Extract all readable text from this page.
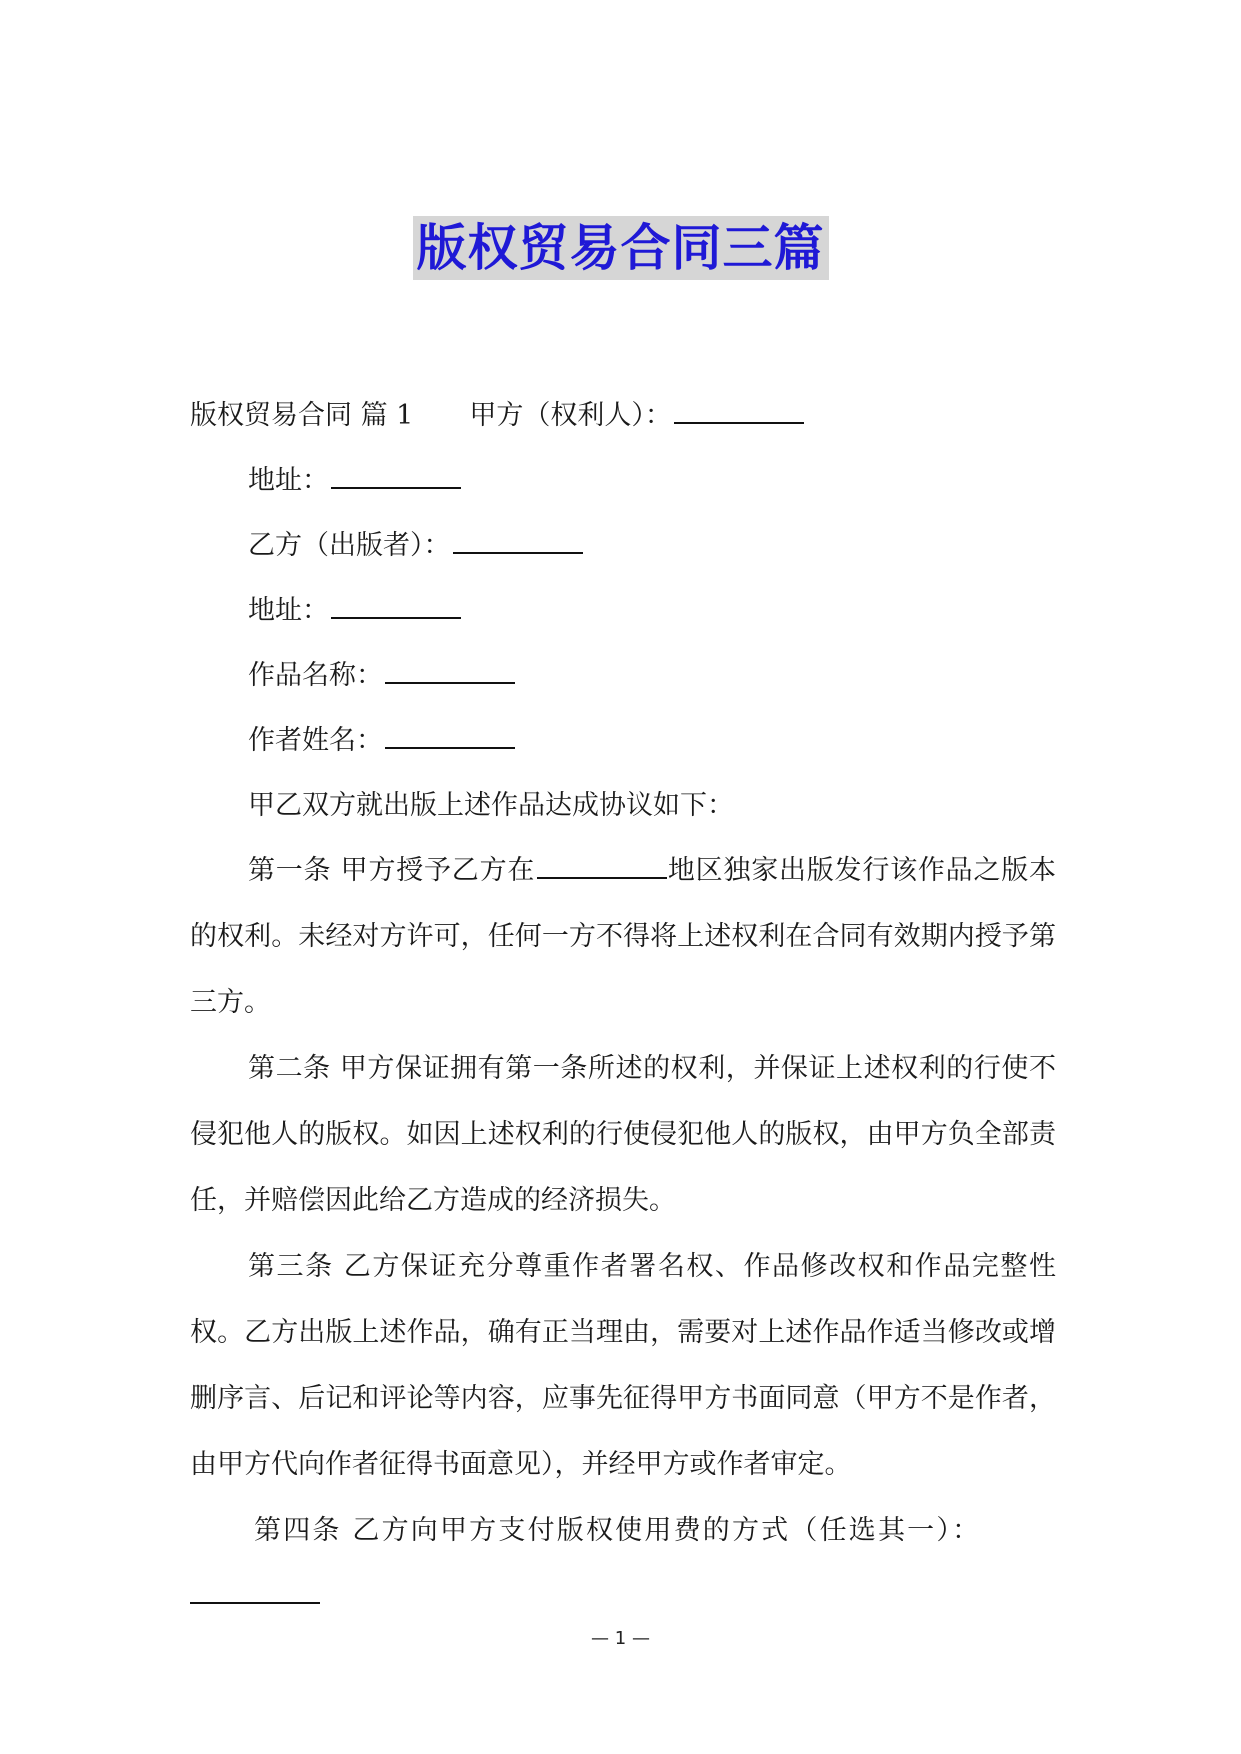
版权贸易合同三篇
版权贸易合同 篇 1 甲方（权利人）：
地址：
乙方（出版者）：
地址：
作品名称：
作者姓名：
甲乙双方就出版上述作品达成协议如下：
第一条 甲方授予乙方在	地区独家出版发行该作品之版本的权利。未经对方许可，任何一方不得将上述权利在合同有效期内授予第三方。
第二条 甲方保证拥有第一条所述的权利，并保证上述权利的行使不侵犯他人的版权。如因上述权利的行使侵犯他人的版权，由甲方负全部责任，并赔偿因此给乙方造成的经济损失。
第三条 乙方保证充分尊重作者署名权、作品修改权和作品完整性权。乙方出版上述作品，确有正当理由，需要对上述作品作适当修改或增删序言、后记和评论等内容，应事先征得甲方书面同意（甲方不是作者，由甲方代向作者征得书面意见），并经甲方或作者审定。
第四条 乙方向甲方支付版权使用费的方式（任选其一）：
— 1 —
